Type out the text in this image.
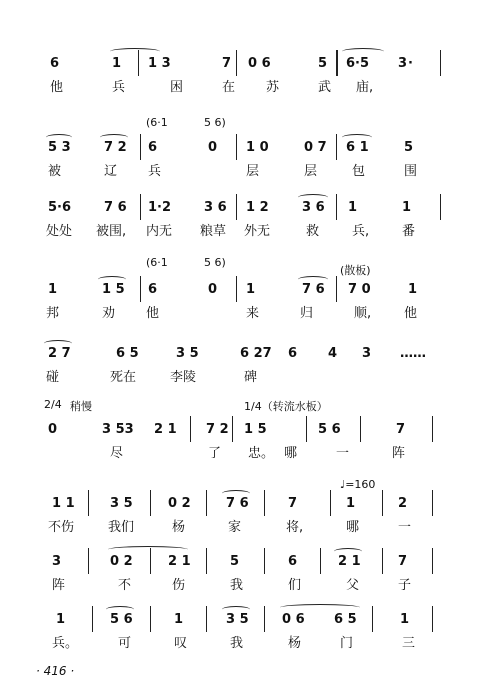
6	1 1 3	7 0 6	5 6·5 3 ·
他	兵	困	在 苏	武 庙,
(6·1	5 6)
5 3	7 2 6	0 1 0	0 7 6 1	5
被	辽 兵	层	层	包	围
5·6	7 6 1·2	3 6 1 2	3 6 1	1
处处 被围, 内无 粮草 外无	救	兵,	番
(6·1	5 6)
(散板)
1	1 5 6	0 1	7 6 7 0	1
邦	劝 他	来	归	顺,	他
2 7	6 5	3 5	6 27 6 4 3 ……
碰	死在	李陵	碑
2/4 稍慢	1/4（转流水板）
0	3 53 2 1 7 2 1 5	5 6	7
尽	了 忠。 哪	一	阵
♩=160
1 1	3 5	0 2	7 6	7	1	2
不伤	我们	杨	家	将,	哪	一
3	0 2	2 1	5	6	2 1	7
阵	不	伤	我	们	父	子
1	5 6	1	3 5	0 6 6 5	1
兵。	可	叹	我	杨	门	三
· 416 ·
